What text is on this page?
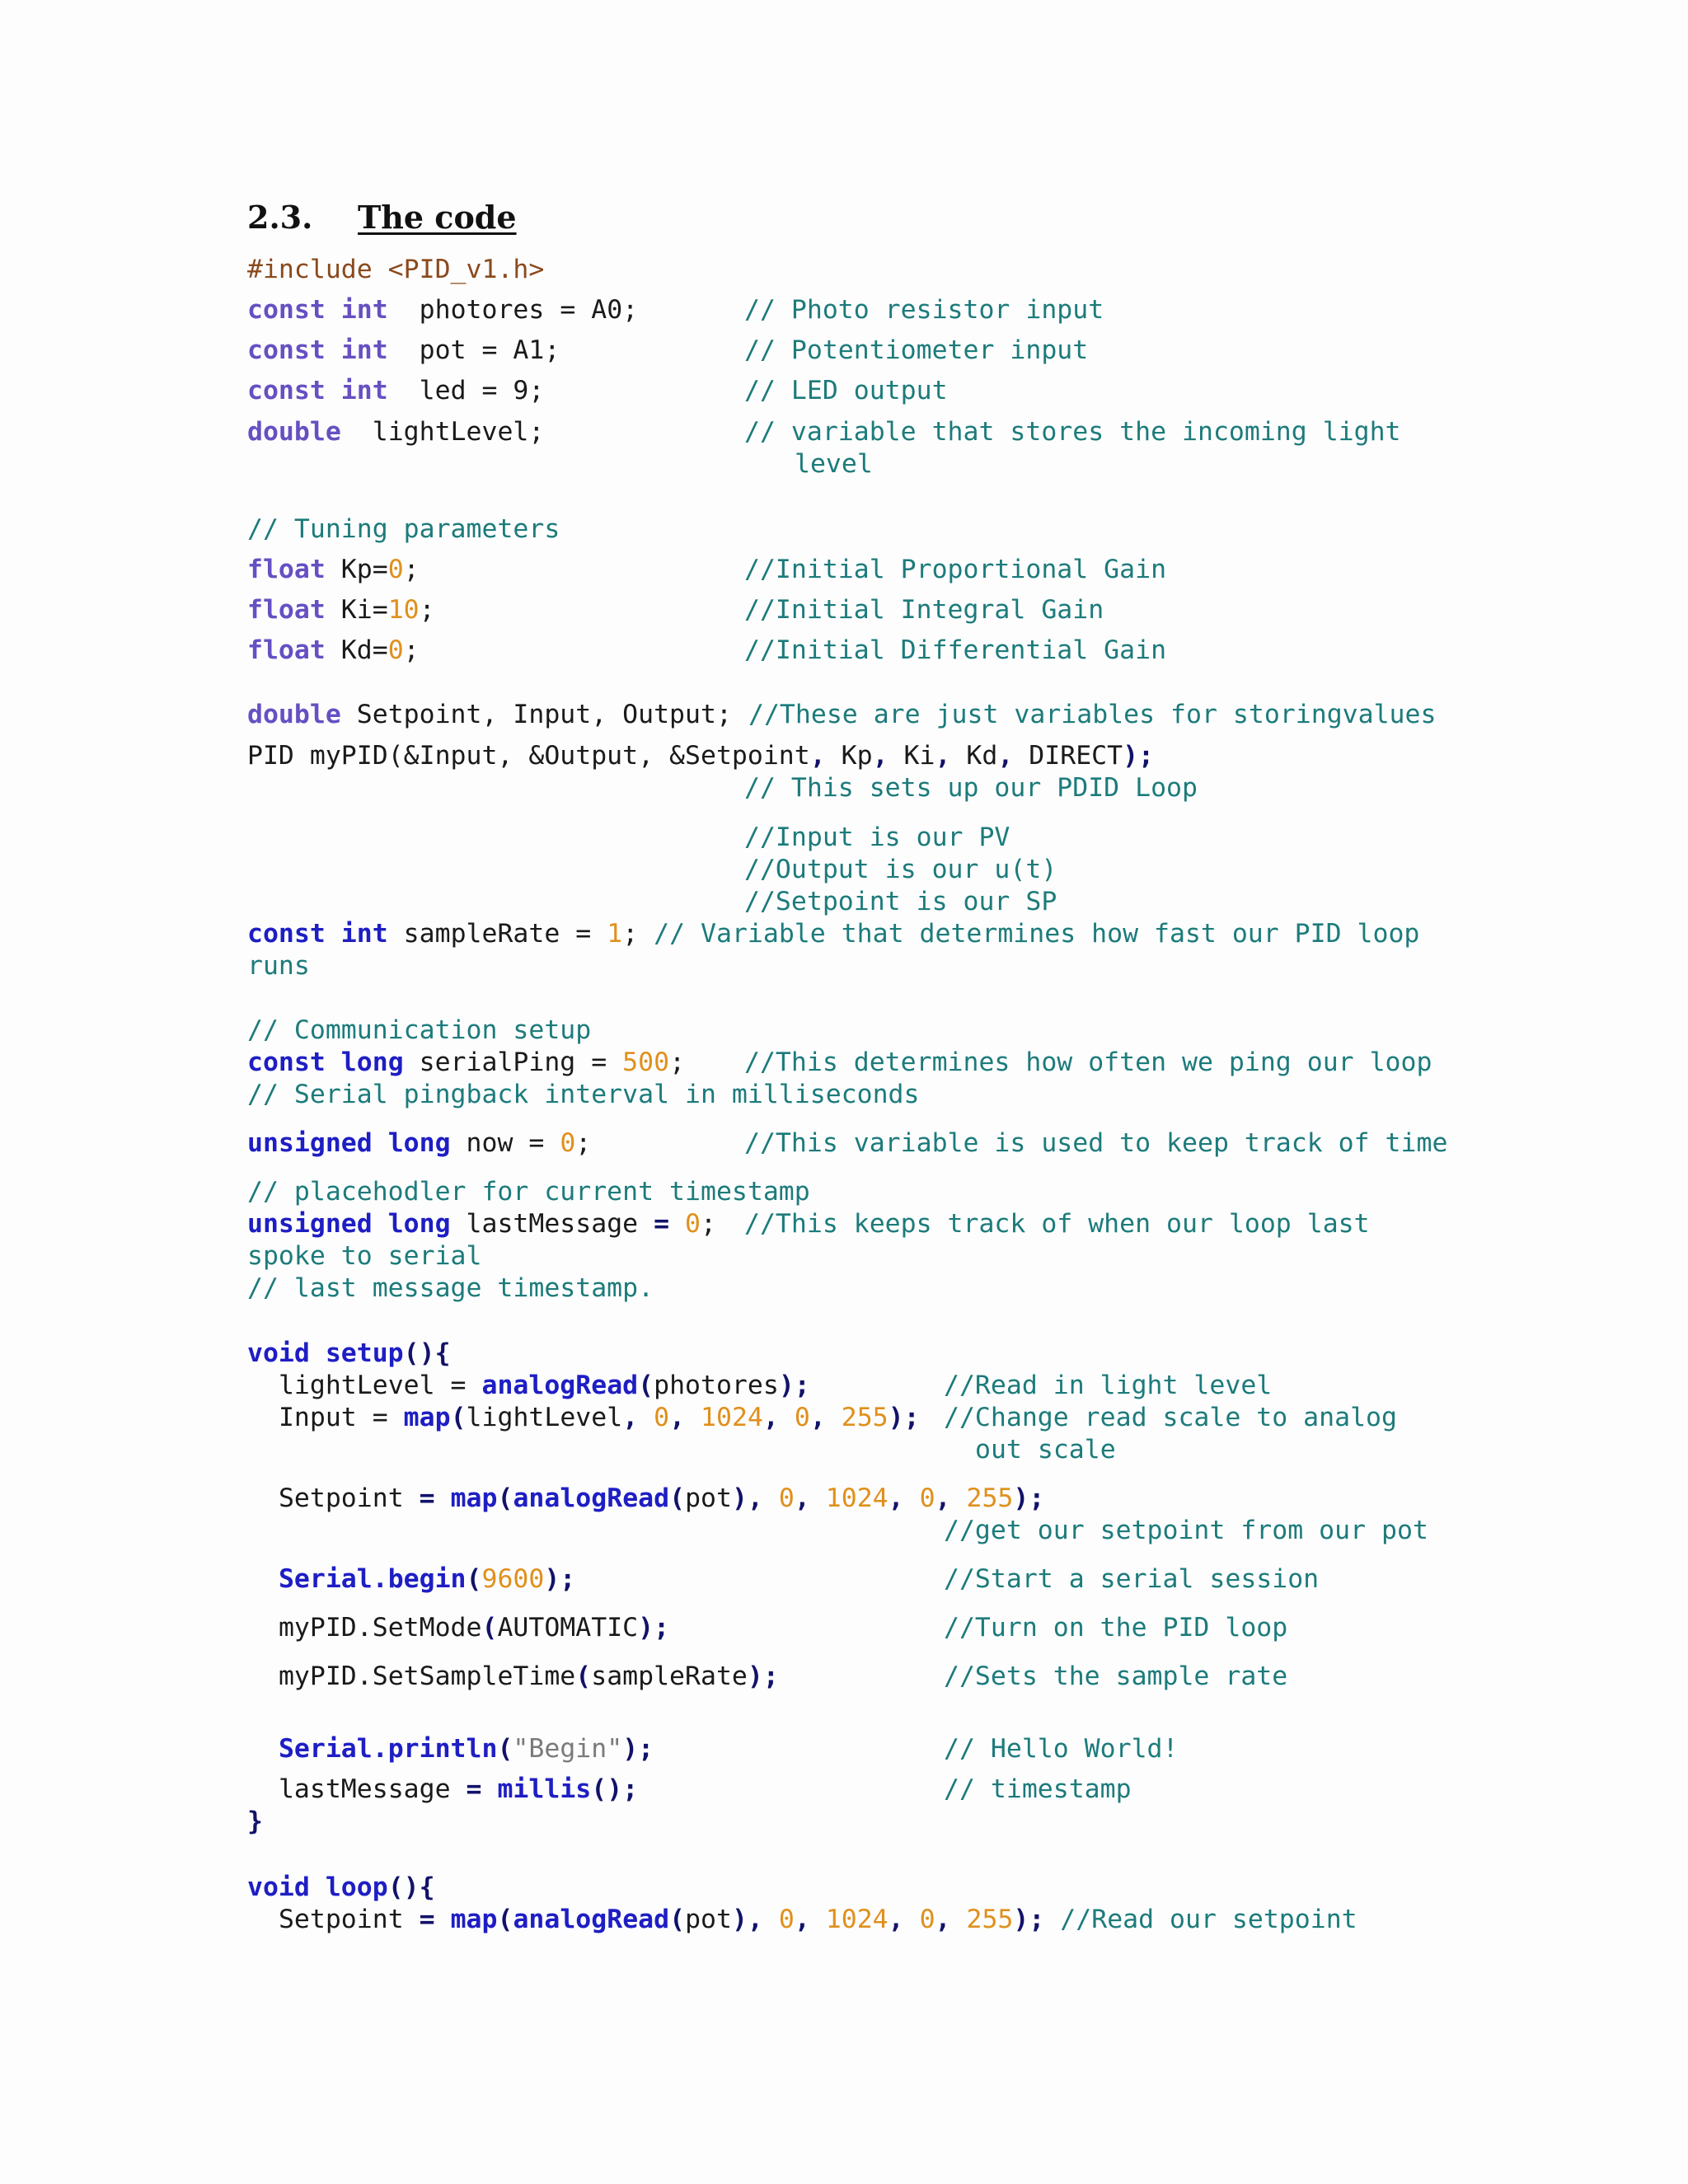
2.3. The code
#include <PID_v1.h>
const int photores = A0;	// Photo resistor input
const int pot = A1;	// Potentiometer input
const int led = 9;	// LED output
double lightLevel;	// variable that stores the incoming light
level
// Tuning parameters
float Kp=0;	//Initial Proportional Gain
float Ki=10;	//Initial Integral Gain
float Kd=0;	//Initial Differential Gain
double Setpoint, Input, Output; //These are just variables for storingvalues
PID myPID(&Input, &Output, &Setpoint, Kp, Ki, Kd, DIRECT);
// This sets up our PDID Loop
//Input is our PV
//Output is our u(t)
//Setpoint is our SP
const int sampleRate = 1; // Variable that determines how fast our PID loop
runs
// Communication setup
const long serialPing = 500; //This determines how often we ping our loop
// Serial pingback interval in milliseconds
unsigned long now = 0;	//This variable is used to keep track of time
// placehodler for current timestamp
unsigned long lastMessage = 0; //This keeps track of when our loop last
spoke to serial
// last message timestamp.
void setup(){
lightLevel = analogRead(photores);	//Read in light level
Input = map(lightLevel, 0, 1024, 0, 255); //Change read scale to analog
out scale
Setpoint = map(analogRead(pot), 0, 1024, 0, 255);
//get our setpoint from our pot
Serial.begin(9600);	//Start a serial session
myPID.SetMode(AUTOMATIC);	//Turn on the PID loop
myPID.SetSampleTime(sampleRate);	//Sets the sample rate
Serial.println("Begin");	// Hello World!
lastMessage = millis();	// timestamp
}
void loop(){
Setpoint = map(analogRead(pot), 0, 1024, 0, 255); //Read our setpoint
